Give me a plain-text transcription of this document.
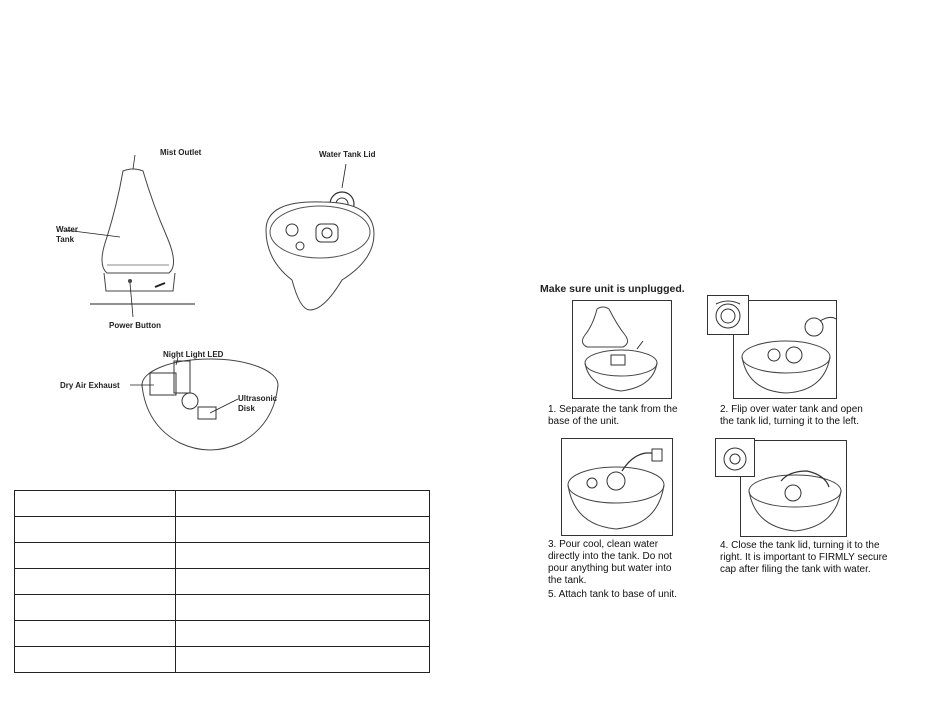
Mist Outlet
Water Tank
Power Button
Water Tank Lid
Night Light LED
Dry Air Exhaust
Ultrasonic Disk

Make sure unit is unplugged.
1. Separate the tank from the base of the unit.
2. Flip over water tank and open the tank lid, turning it to the left.
3. Pour cool, clean water directly into the tank. Do not pour anything but water into the tank.
4. Close the tank lid, turning it to the right. It is important to FIRMLY secure cap after filing the tank with water.
5. Attach tank to base of unit.
